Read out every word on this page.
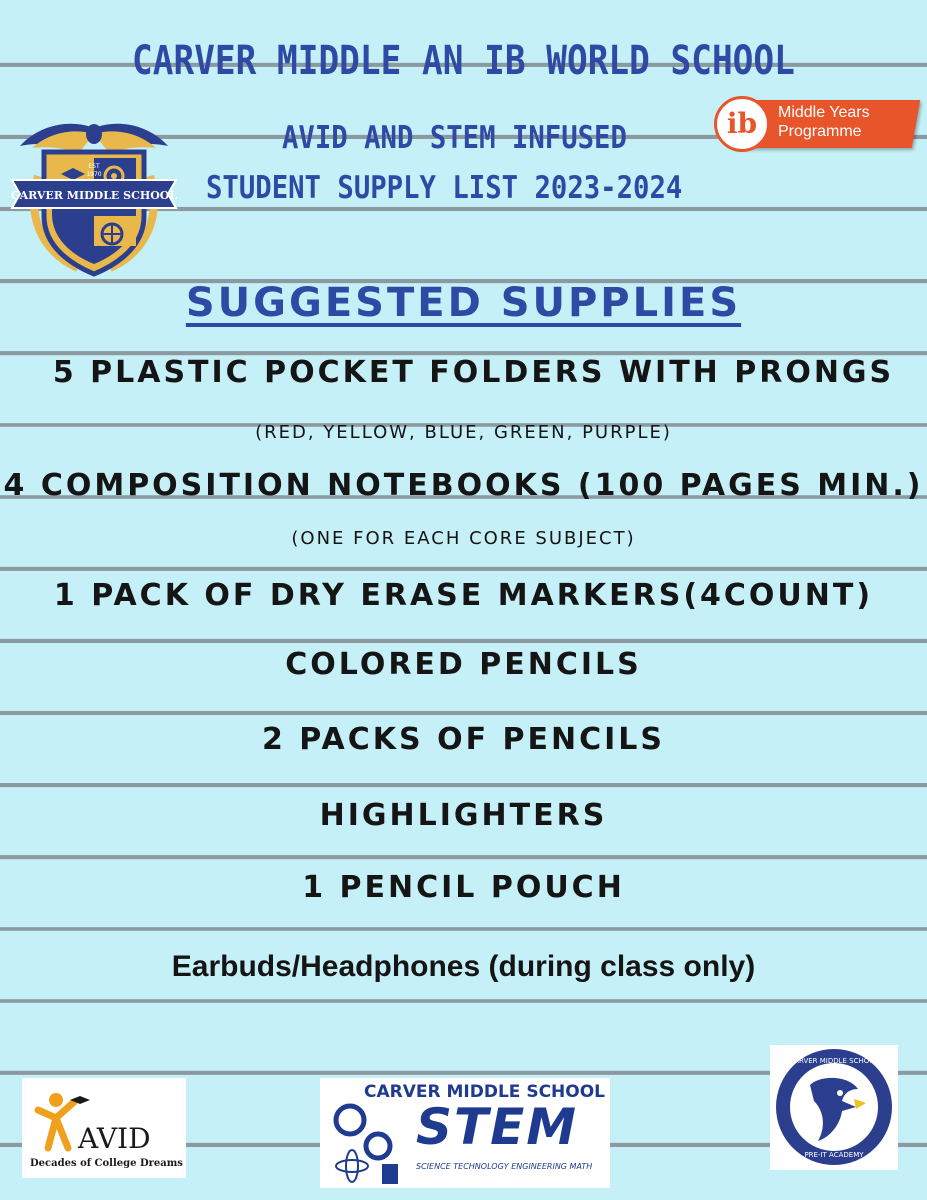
CARVER MIDDLE AN IB WORLD SCHOOL
CARVER MIDDLE SCHOOL
EST
1970
AVID AND STEM INFUSED
STUDENT SUPPLY LIST 2023-2024
ib	Middle Years
Programme
SUGGESTED SUPPLIES
5 PLASTIC POCKET FOLDERS WITH PRONGS
(RED, YELLOW, BLUE, GREEN, PURPLE)
4 COMPOSITION NOTEBOOKS (100 PAGES MIN.)
(ONE FOR EACH CORE SUBJECT)
1 PACK OF DRY ERASE MARKERS(4COUNT)
COLORED PENCILS
2 PACKS OF PENCILS
HIGHLIGHTERS
1 PENCIL POUCH
Earbuds/Headphones (during class only)
AVID
Decades of College Dreams
CARVER MIDDLE SCHOOL
STEM
SCIENCE TECHNOLOGY ENGINEERING MATH
CARVER MIDDLE SCHOOL
PRE-IT ACADEMY
